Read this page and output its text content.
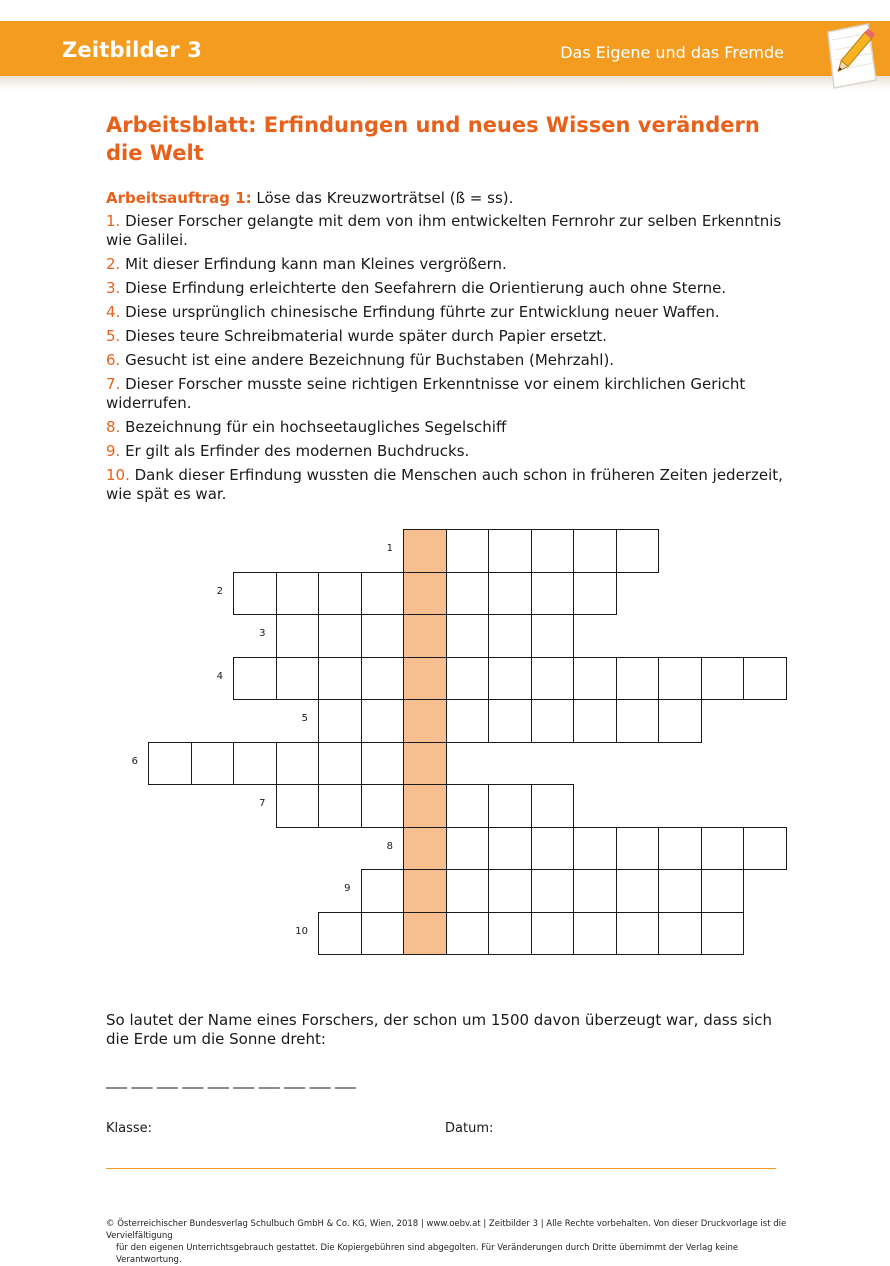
Zeitbilder 3	Das Eigene und das Fremde
Arbeitsblatt: Erfindungen und neues Wissen verändern die Welt
Arbeitsauftrag 1: Löse das Kreuzworträtsel (ß = ss).
1. Dieser Forscher gelangte mit dem von ihm entwickelten Fernrohr zur selben Erkenntnis wie Galilei.
2. Mit dieser Erfindung kann man Kleines vergrößern.
3. Diese Erfindung erleichterte den Seefahrern die Orientierung auch ohne Sterne.
4. Diese ursprünglich chinesische Erfindung führte zur Entwicklung neuer Waffen.
5. Dieses teure Schreibmaterial wurde später durch Papier ersetzt.
6. Gesucht ist eine andere Bezeichnung für Buchstaben (Mehrzahl).
7. Dieser Forscher musste seine richtigen Erkenntnisse vor einem kirchlichen Gericht widerrufen.
8. Bezeichnung für ein hochseetaugliches Segelschiff
9. Er gilt als Erfinder des modernen Buchdrucks.
10. Dank dieser Erfindung wussten die Menschen auch schon in früheren Zeiten jederzeit, wie spät es war.
1
2
3
4
5
6
7
8
9
10
So lautet der Name eines Forschers, der schon um 1500 davon überzeugt war, dass sich die Erde um die Sonne dreht:
___ ___ ___ ___ ___ ___ ___ ___ ___ ___
Klasse:	Datum:
© Österreichischer Bundesverlag Schulbuch GmbH & Co. KG, Wien, 2018 | www.oebv.at | Zeitbilder 3 | Alle Rechte vorbehalten. Von dieser Druckvorlage ist die Vervielfältigung
für den eigenen Unterrichtsgebrauch gestattet. Die Kopiergebühren sind abgegolten. Für Veränderungen durch Dritte übernimmt der Verlag keine Verantwortung.
